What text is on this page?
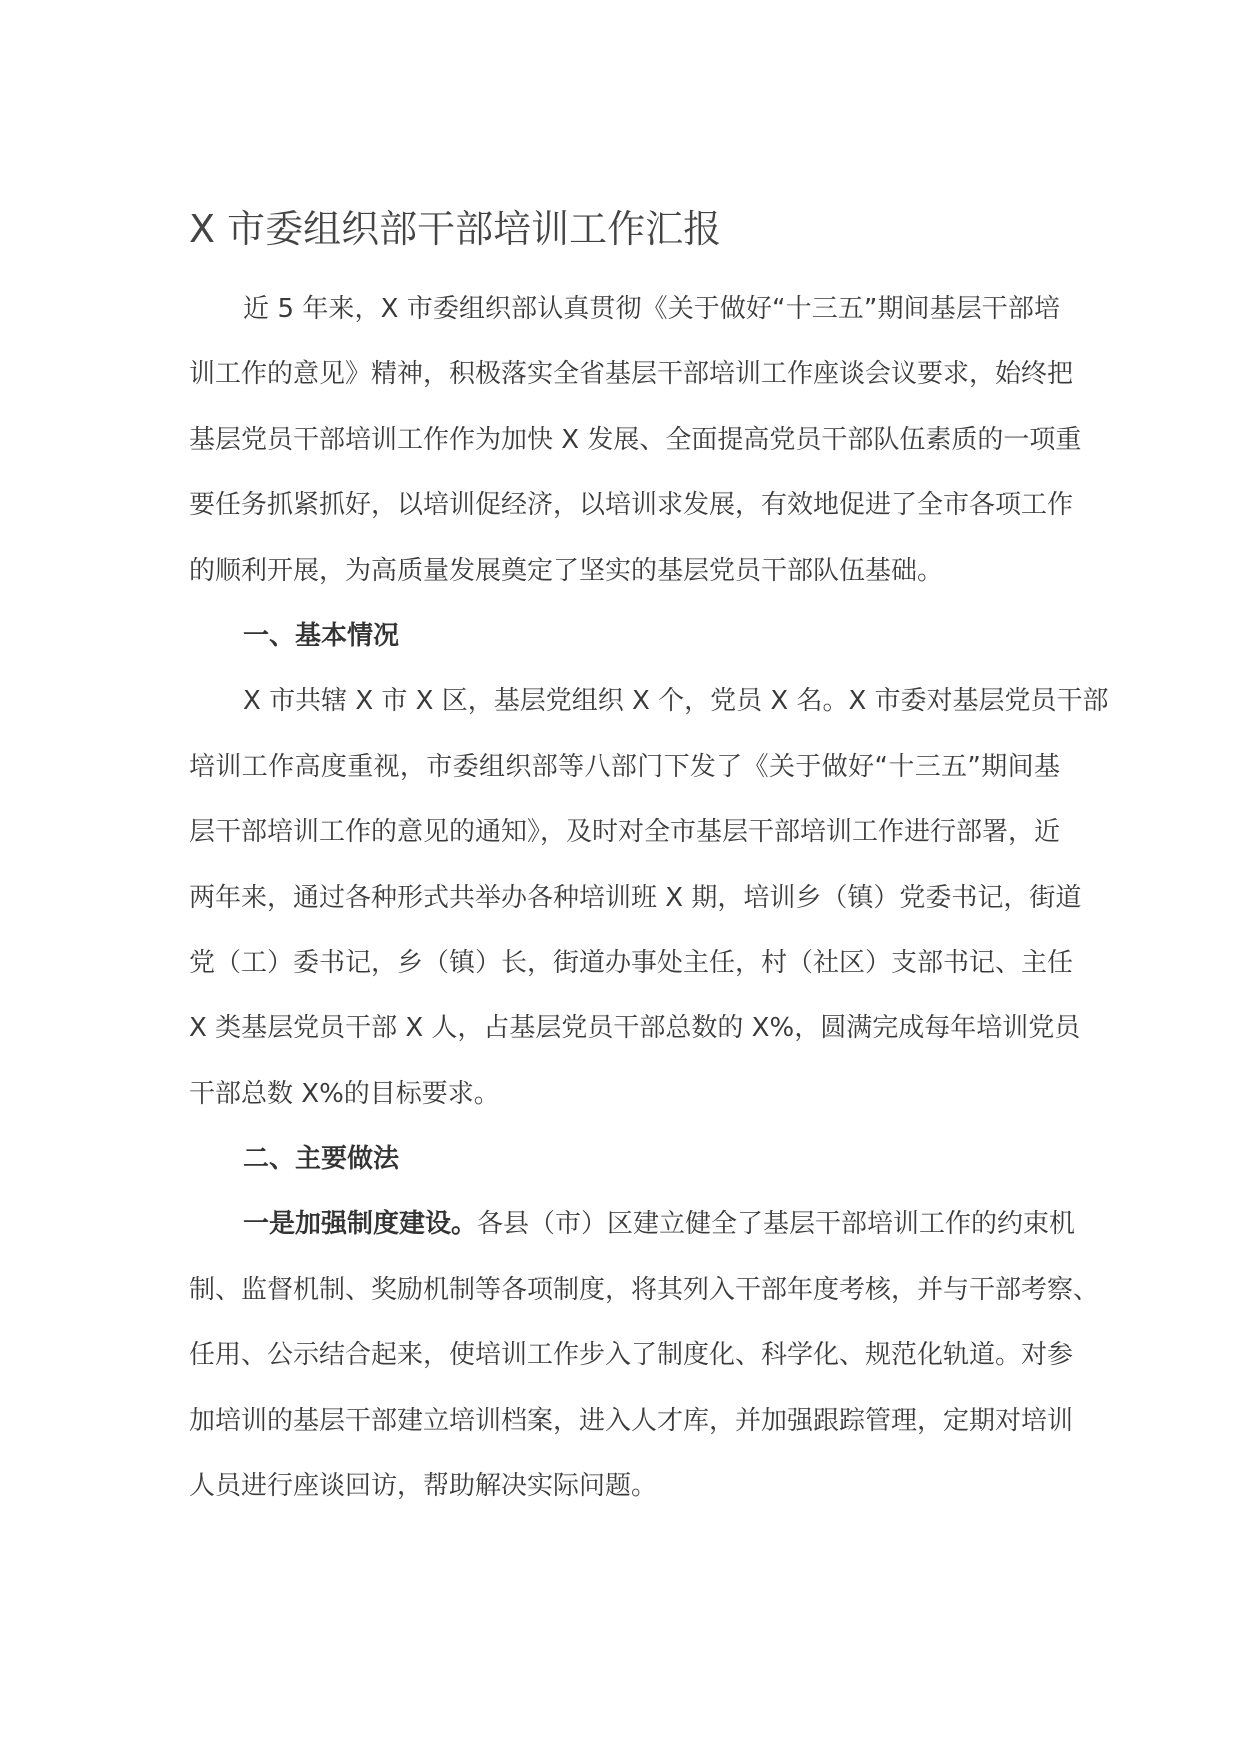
X 市委组织部干部培训工作汇报
近 5 年来，X 市委组织部认真贯彻《关于做好“十三五”期间基层干部培
训工作的意见》精神，积极落实全省基层干部培训工作座谈会议要求，始终把
基层党员干部培训工作作为加快 X 发展、全面提高党员干部队伍素质的一项重
要任务抓紧抓好，以培训促经济，以培训求发展，有效地促进了全市各项工作
的顺利开展，为高质量发展奠定了坚实的基层党员干部队伍基础。
一、基本情况
X 市共辖 X 市 X 区，基层党组织 X 个，党员 X 名。X 市委对基层党员干部
培训工作高度重视，市委组织部等八部门下发了《关于做好“十三五”期间基
层干部培训工作的意见的通知》，及时对全市基层干部培训工作进行部署，近
两年来，通过各种形式共举办各种培训班 X 期，培训乡（镇）党委书记，街道
党（工）委书记，乡（镇）长，街道办事处主任，村（社区）支部书记、主任
X 类基层党员干部 X 人，占基层党员干部总数的 X%，圆满完成每年培训党员
干部总数 X%的目标要求。
二、主要做法
一是加强制度建设。各县（市）区建立健全了基层干部培训工作的约束机
制、监督机制、奖励机制等各项制度，将其列入干部年度考核，并与干部考察、
任用、公示结合起来，使培训工作步入了制度化、科学化、规范化轨道。对参
加培训的基层干部建立培训档案，进入人才库，并加强跟踪管理，定期对培训
人员进行座谈回访，帮助解决实际问题。
